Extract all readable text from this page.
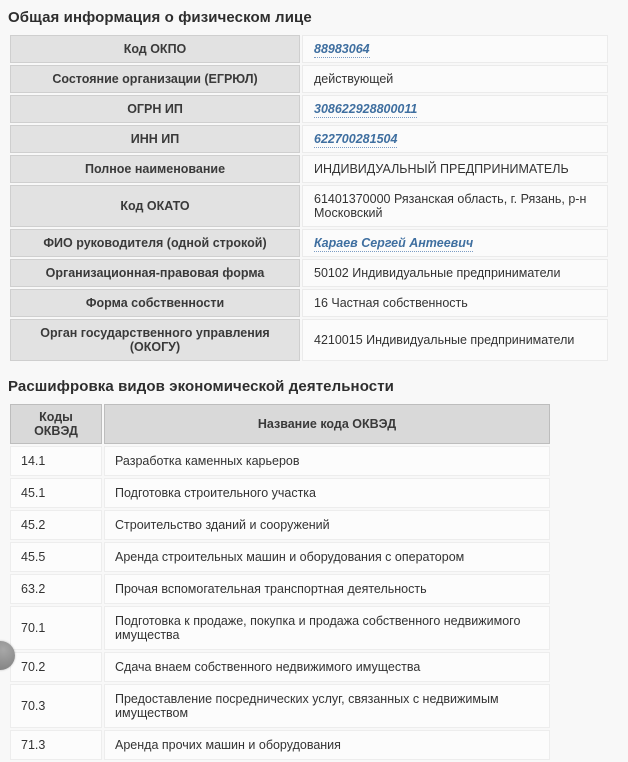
Общая информация о физическом лице
Код ОКПО	88983064
Состояние организации (ЕГРЮЛ)	действующей
ОГРН ИП	308622928800011
ИНН ИП	622700281504
Полное наименование	ИНДИВИДУАЛЬНЫЙ ПРЕДПРИНИМАТЕЛЬ
Код ОКАТО	61401370000 Рязанская область, г. Рязань, р-н Московский
ФИО руководителя (одной строкой)	Караев Сергей Антеевич
Организационная-правовая форма	50102 Индивидуальные предприниматели
Форма собственности	16 Частная собственность
Орган государственного управления (ОКОГУ)	4210015 Индивидуальные предприниматели
Расшифровка видов экономической деятельности
Коды ОКВЭД	Название кода ОКВЭД
14.1	Разработка каменных карьеров
45.1	Подготовка строительного участка
45.2	Строительство зданий и сооружений
45.5	Аренда строительных машин и оборудования с оператором
63.2	Прочая вспомогательная транспортная деятельность
70.1	Подготовка к продаже, покупка и продажа собственного недвижимого имущества
70.2	Сдача внаем собственного недвижимого имущества
70.3	Предоставление посреднических услуг, связанных с недвижимым имуществом
71.3	Аренда прочих машин и оборудования
